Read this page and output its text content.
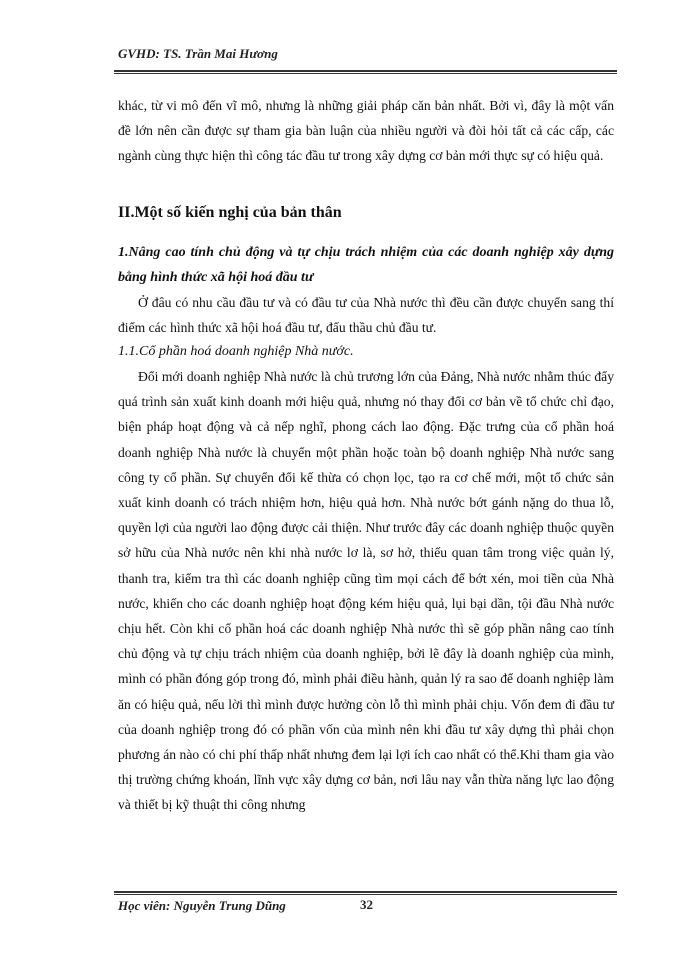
GVHD: TS. Trần Mai Hương

khác, từ vi mô đến vĩ mô, nhưng là những giải pháp căn bản nhất. Bởi vì, đây là một vấn đề lớn nên cần được sự tham gia bàn luận của nhiều người và đòi hỏi tất cả các cấp, các ngành cùng thực hiện thì công tác đầu tư trong xây dựng cơ bản mới thực sự có hiệu quả.

II.Một số kiến nghị của bản thân
1.Nâng cao tính chủ động và tự chịu trách nhiệm của các doanh nghiệp xây dựng bằng hình thức xã hội hoá đầu tư

Ở đâu có nhu cầu đầu tư và có đầu tư của Nhà nước thì đều cần được chuyển sang thí điểm các hình thức xã hội hoá đầu tư, đấu thầu chủ đầu tư.

1.1.Cổ phần hoá doanh nghiệp Nhà nước.

Đổi mới doanh nghiệp Nhà nước là chủ trương lớn của Đảng, Nhà nước nhằm thúc đẩy quá trình sản xuất kinh doanh mới hiệu quả, nhưng nó thay đổi cơ bản về tổ chức chỉ đạo, biện pháp hoạt động và cả nếp nghĩ, phong cách lao động. Đặc trưng của cổ phần hoá doanh nghiệp Nhà nước là chuyển một phần hoặc toàn bộ doanh nghiệp Nhà nước sang công ty cổ phần. Sự chuyển đổi kế thừa có chọn lọc, tạo ra cơ chế mới, một tổ chức sản xuất kinh doanh có trách nhiệm hơn, hiệu quả hơn. Nhà nước bớt gánh nặng do thua lỗ, quyền lợi của người lao động được cải thiện. Như trước đây các doanh nghiệp thuộc quyền sở hữu của Nhà nước nên khi nhà nước lơ là, sơ hở, thiếu quan tâm trong việc quản lý, thanh tra, kiểm tra thì các doanh nghiệp cũng tìm mọi cách để bớt xén, moi tiền của Nhà nước, khiến cho các doanh nghiệp hoạt động kém hiệu quả, lụi bại dần, tội đầu Nhà nước chịu hết. Còn khi cổ phần hoá các doanh nghiệp Nhà nước thì sẽ góp phần nâng cao tính chủ động và tự chịu trách nhiệm của doanh nghiệp, bởi lẽ đây là doanh nghiệp của mình, mình có phần đóng góp trong đó, mình phải điều hành, quản lý ra sao để doanh nghiệp làm ăn có hiệu quả, nếu lời thì mình được hưởng còn lỗ thì mình phải chịu. Vốn đem đi đầu tư của doanh nghiệp trong đó có phần vốn của mình nên khi đầu tư xây dựng thì phải chọn phương án nào có chi phí thấp nhất nhưng đem lại lợi ích cao nhất có thể.Khi tham gia vào thị trường chứng khoán, lĩnh vực xây dựng cơ bản, nơi lâu nay vẫn thừa năng lực lao động và thiết bị kỹ thuật thi công nhưng

Học viên: Nguyễn Trung Dũng	32
